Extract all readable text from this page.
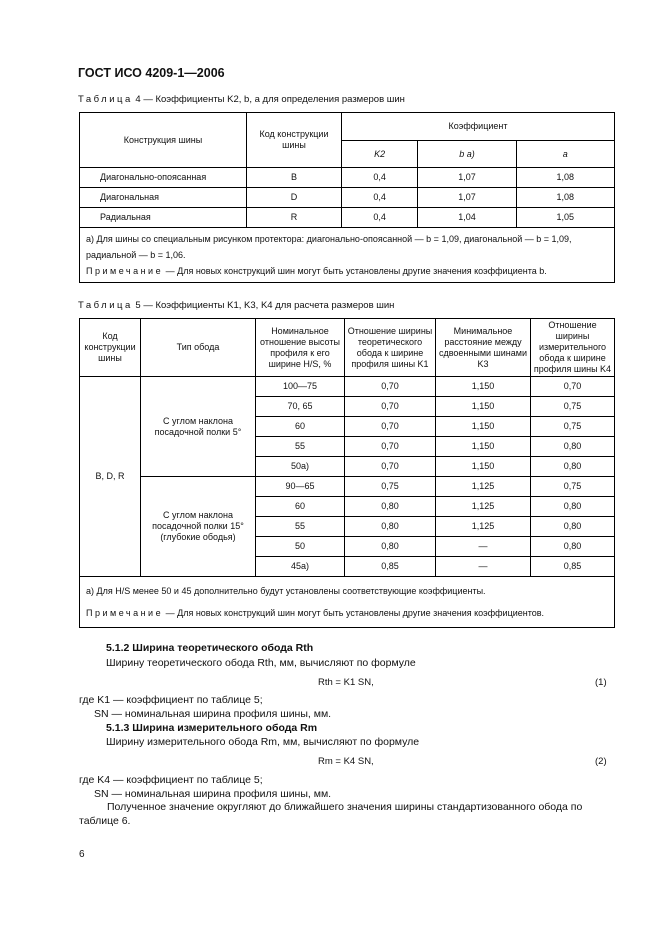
ГОСТ ИСО 4209-1—2006
Таблица 4 — Коэффициенты K2, b, a для определения размеров шин
Конструкция шины	Код конструкции шины	Коэффициент		
		K2	b а)	a
Диагонально-опоясанная	B	0,4	1,07	1,08
Диагональная	D	0,4	1,07	1,08
Радиальная	R	0,4	1,04	1,05

а) Для шины со специальным рисунком протектора: диагонально-опоясанной — b = 1,09, диагональной — b = 1,09, радиальной — b = 1,06.
Примечание — Для новых конструкций шин могут быть установлены другие значения коэффициента b.				
Таблица 5 — Коэффициенты K1, K3, K4 для расчета размеров шин
Код конструкции шины	Тип обода	Номинальное отношение высоты профиля к его ширине H/S, %	Отношение ширины теоретического обода к ширине профиля шины K1	Минимальное расстояние между сдвоенными шинами K3	Отношение ширины измерительного обода к ширине профиля шины K4
B, D, R	С углом наклона посадочной полки 5°	100—75	0,70	1,150	0,70
		70, 65	0,70	1,150	0,75
		60	0,70	1,150	0,75
		55	0,70	1,150	0,80
		50а)	0,70	1,150	0,80
	С углом наклона посадочной полки 15° (глубокие ободья)	90—65	0,75	1,125	0,75
		60	0,80	1,125	0,80
		55	0,80	1,125	0,80
		50	0,80	—	0,80
		45а)	0,85	—	0,85

а) Для H/S менее 50 и 45 дополнительно будут установлены соответствующие коэффициенты.
Примечание — Для новых конструкций шин могут быть установлены другие значения коэффициентов.					
5.1.2 Ширина теоретического обода Rth
Ширину теоретического обода Rth, мм, вычисляют по формуле
Rth = K1 SN,	(1)
где K1 — коэффициент по таблице 5;
SN — номинальная ширина профиля шины, мм.
5.1.3 Ширина измерительного обода Rm
Ширину измерительного обода Rm, мм, вычисляют по формуле
Rm = K4 SN,	(2)
где K4 — коэффициент по таблице 5;
SN — номинальная ширина профиля шины, мм.
Полученное значение округляют до ближайшего значения ширины стандартизованного обода по таблице 6.
6
